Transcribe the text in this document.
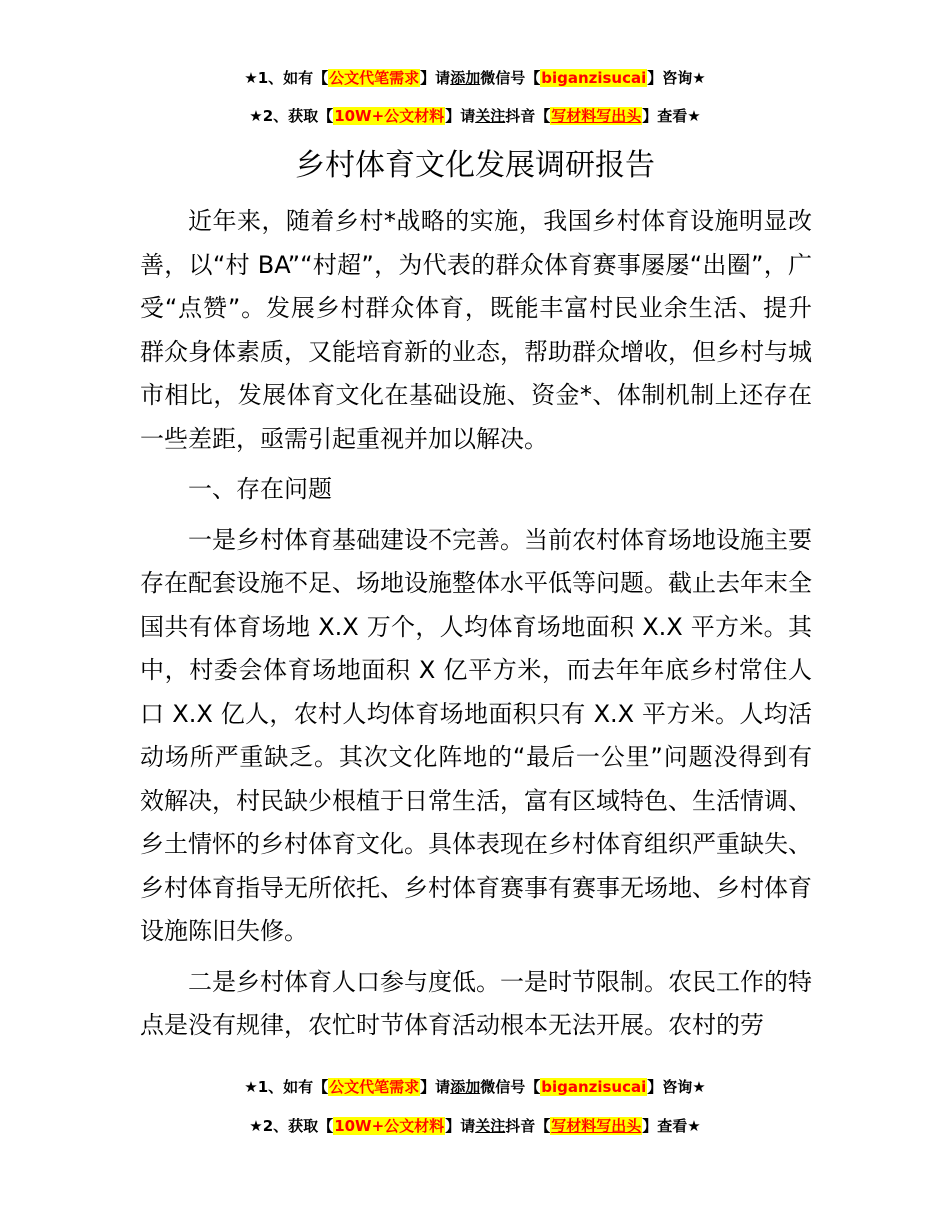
★1、如有【公文代笔需求】请添加微信号【biganzisucai】咨询★
★2、获取【10W+公文材料】请关注抖音【写材料写出头】查看★
乡村体育文化发展调研报告

近年来，随着乡村*战略的实施，我国乡村体育设施明显改善，以“村 BA”“村超”，为代表的群众体育赛事屡屡“出圈”，广受“点赞”。发展乡村群众体育，既能丰富村民业余生活、提升群众身体素质，又能培育新的业态，帮助群众增收，但乡村与城市相比，发展体育文化在基础设施、资金*、体制机制上还存在一些差距，亟需引起重视并加以解决。

一、存在问题

一是乡村体育基础建设不完善。当前农村体育场地设施主要存在配套设施不足、场地设施整体水平低等问题。截止去年末全国共有体育场地 X.X 万个，人均体育场地面积 X.X 平方米。其中，村委会体育场地面积 X 亿平方米，而去年年底乡村常住人口 X.X 亿人，农村人均体育场地面积只有 X.X 平方米。人均活动场所严重缺乏。其次文化阵地的“最后一公里”问题没得到有效解决，村民缺少根植于日常生活，富有区域特色、生活情调、乡土情怀的乡村体育文化。具体表现在乡村体育组织严重缺失、乡村体育指导无所依托、乡村体育赛事有赛事无场地、乡村体育设施陈旧失修。

二是乡村体育人口参与度低。一是时节限制。农民工作的特点是没有规律，农忙时节体育活动根本无法开展。农村的劳

★1、如有【公文代笔需求】请添加微信号【biganzisucai】咨询★
★2、获取【10W+公文材料】请关注抖音【写材料写出头】查看★
